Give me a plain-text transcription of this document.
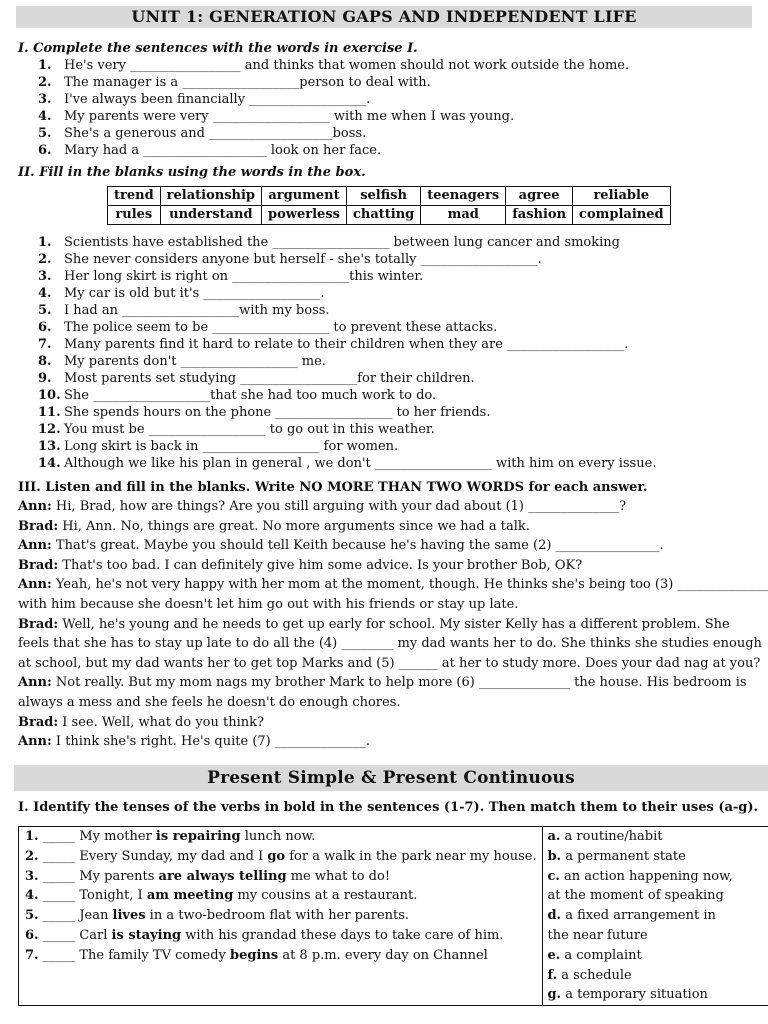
UNIT 1: GENERATION GAPS AND INDEPENDENT LIFE
I. Complete the sentences with the words in exercise I.
1. He's very _________________ and thinks that women should not work outside the home.
2. The manager is a __________________person to deal with.
3. I've always been financially __________________.
4. My parents were very __________________ with me when I was young.
5. She's a generous and ___________________boss.
6. Mary had a ___________________ look on her face.
II. Fill in the blanks using the words in the box.
trend	relationship	argument	selfish	teenagers	agree	reliable
rules	understand	powerless	chatting	mad	fashion	complained
1. Scientists have established the __________________ between lung cancer and smoking
2. She never considers anyone but herself - she's totally __________________.
3. Her long skirt is right on __________________this winter.
4. My car is old but it's __________________.
5. I had an __________________with my boss.
6. The police seem to be __________________ to prevent these attacks.
7. Many parents find it hard to relate to their children when they are __________________.
8. My parents don't __________________ me.
9. Most parents set studying __________________for their children.
10. She __________________that she had too much work to do.
11. She spends hours on the phone __________________ to her friends.
12. You must be __________________ to go out in this weather.
13. Long skirt is back in __________________ for women.
14. Although we like his plan in general , we don't __________________ with him on every issue.
III. Listen and fill in the blanks. Write NO MORE THAN TWO WORDS for each answer.
Ann: Hi, Brad, how are things? Are you still arguing with your dad about (1) ______________?
Brad: Hi, Ann. No, things are great. No more arguments since we had a talk.
Ann: That's great. Maybe you should tell Keith because he's having the same (2) ________________.
Brad: That's too bad. I can definitely give him some advice. Is your brother Bob, OK?
Ann: Yeah, he's not very happy with her mom at the moment, though. He thinks she's being too (3) ______________
with him because she doesn't let him go out with his friends or stay up late.
Brad: Well, he's young and he needs to get up early for school. My sister Kelly has a different problem. She
feels that she has to stay up late to do all the (4) ________ my dad wants her to do. She thinks she studies enough
at school, but my dad wants her to get top Marks and (5) ______ at her to study more. Does your dad nag at you?
Ann: Not really. But my mom nags my brother Mark to help more (6) ______________ the house. His bedroom is
always a mess and she feels he doesn't do enough chores.
Brad: I see. Well, what do you think?
Ann: I think she's right. He's quite (7) ______________.
Present Simple & Present Continuous
I. Identify the tenses of the verbs in bold in the sentences (1-7). Then match them to their uses (a-g).
1. _____ My mother is repairing lunch now.
2. _____ Every Sunday, my dad and I go for a walk in the park near my house.
3. _____ My parents are always telling me what to do!
4. _____ Tonight, I am meeting my cousins at a restaurant.
5. _____ Jean lives in a two-bedroom flat with her parents.
6. _____ Carl is staying with his grandad these days to take care of him.
7. _____ The family TV comedy begins at 8 p.m. every day on Channel

a. a routine/habit
b. a permanent state
c. an action happening now,
at the moment of speaking
d. a fixed arrangement in
the near future
e. a complaint
f. a schedule
g. a temporary situation
